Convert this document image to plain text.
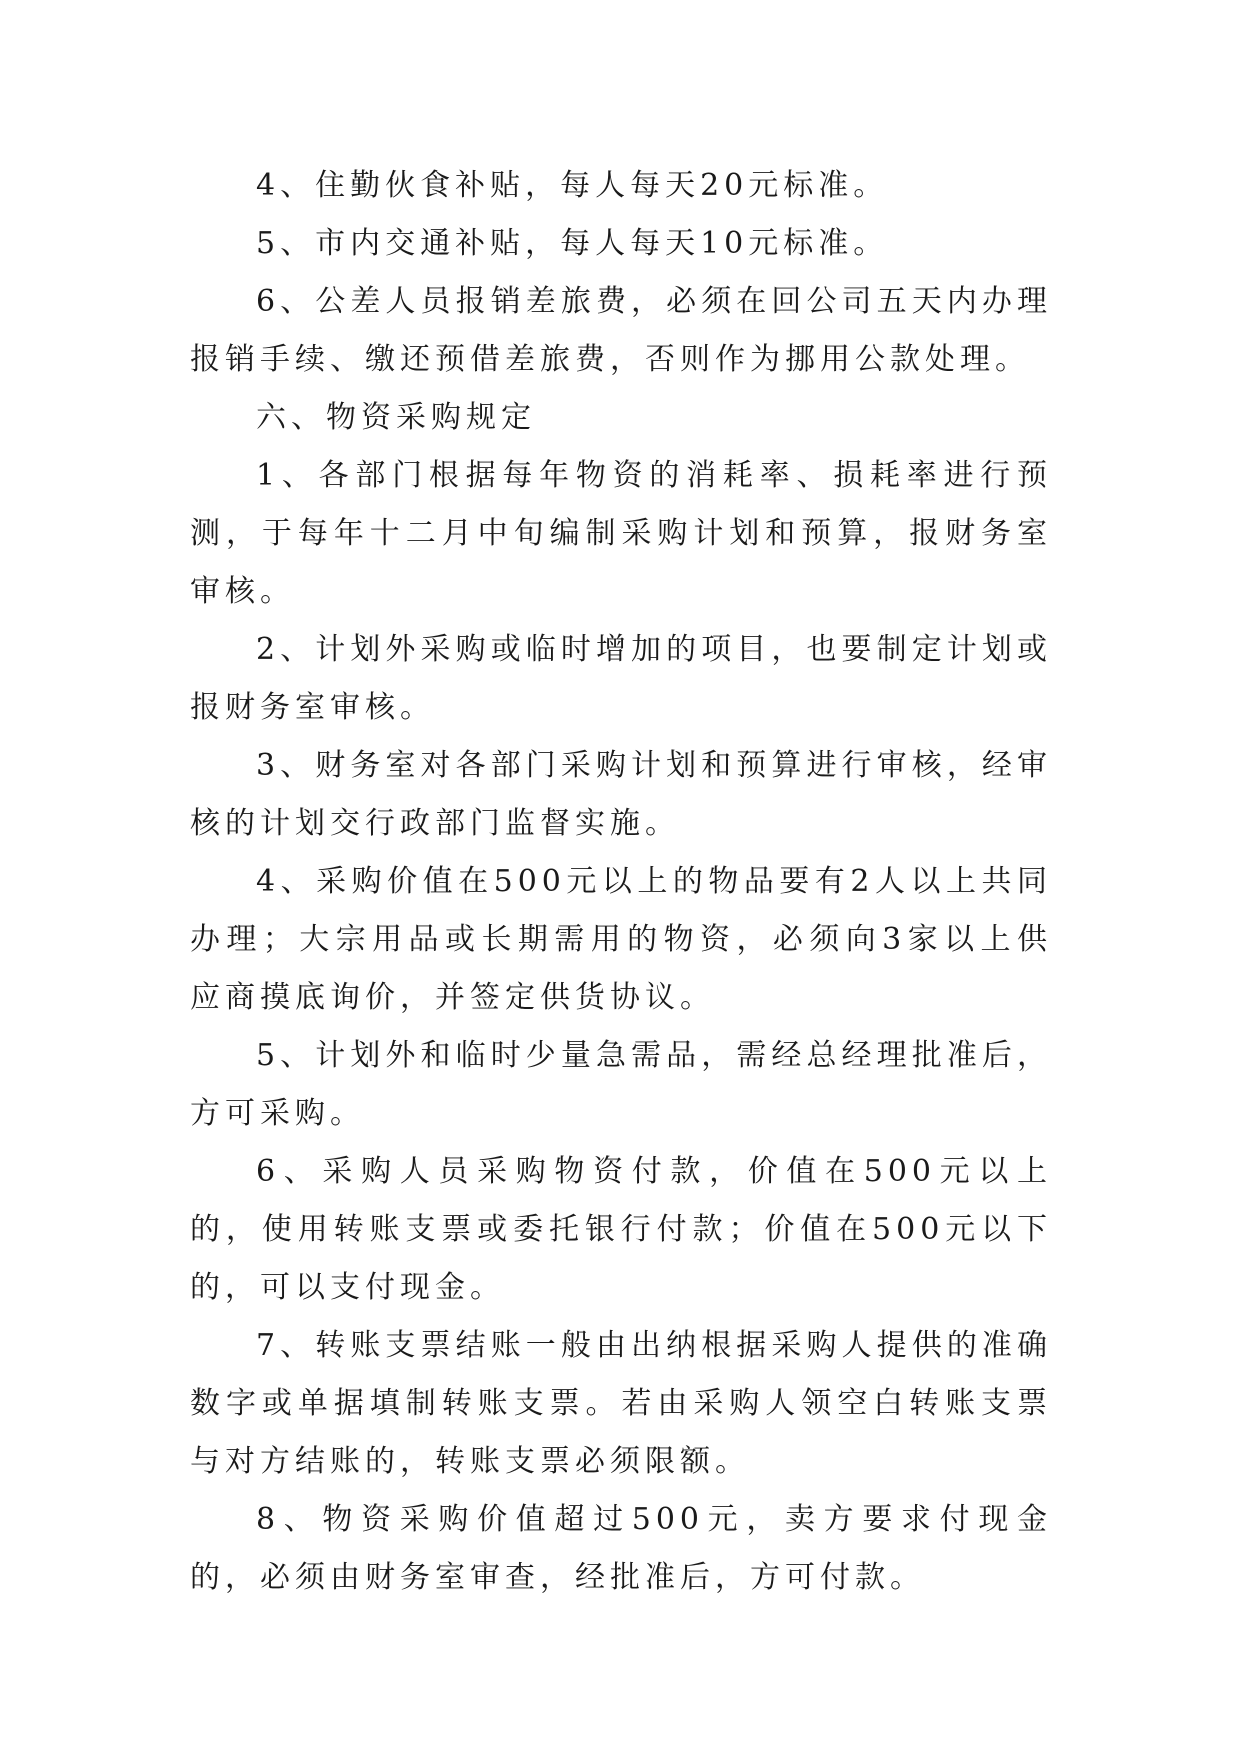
4、住勤伙食补贴，每人每天20元标准。

5、市内交通补贴，每人每天10元标准。

6、公差人员报销差旅费，必须在回公司五天内办理报销手续、缴还预借差旅费，否则作为挪用公款处理。

六、物资采购规定

1、各部门根据每年物资的消耗率、损耗率进行预测，于每年十二月中旬编制采购计划和预算，报财务室审核。

2、计划外采购或临时增加的项目，也要制定计划或报财务室审核。

3、财务室对各部门采购计划和预算进行审核，经审核的计划交行政部门监督实施。

4、采购价值在500元以上的物品要有2人以上共同办理；大宗用品或长期需用的物资，必须向3家以上供应商摸底询价，并签定供货协议。

5、计划外和临时少量急需品，需经总经理批准后，方可采购。

6、采购人员采购物资付款，价值在500元以上的，使用转账支票或委托银行付款；价值在500元以下的，可以支付现金。

7、转账支票结账一般由出纳根据采购人提供的准确数字或单据填制转账支票。若由采购人领空白转账支票与对方结账的，转账支票必须限额。

8、物资采购价值超过500元，卖方要求付现金的，必须由财务室审查，经批准后，方可付款。
